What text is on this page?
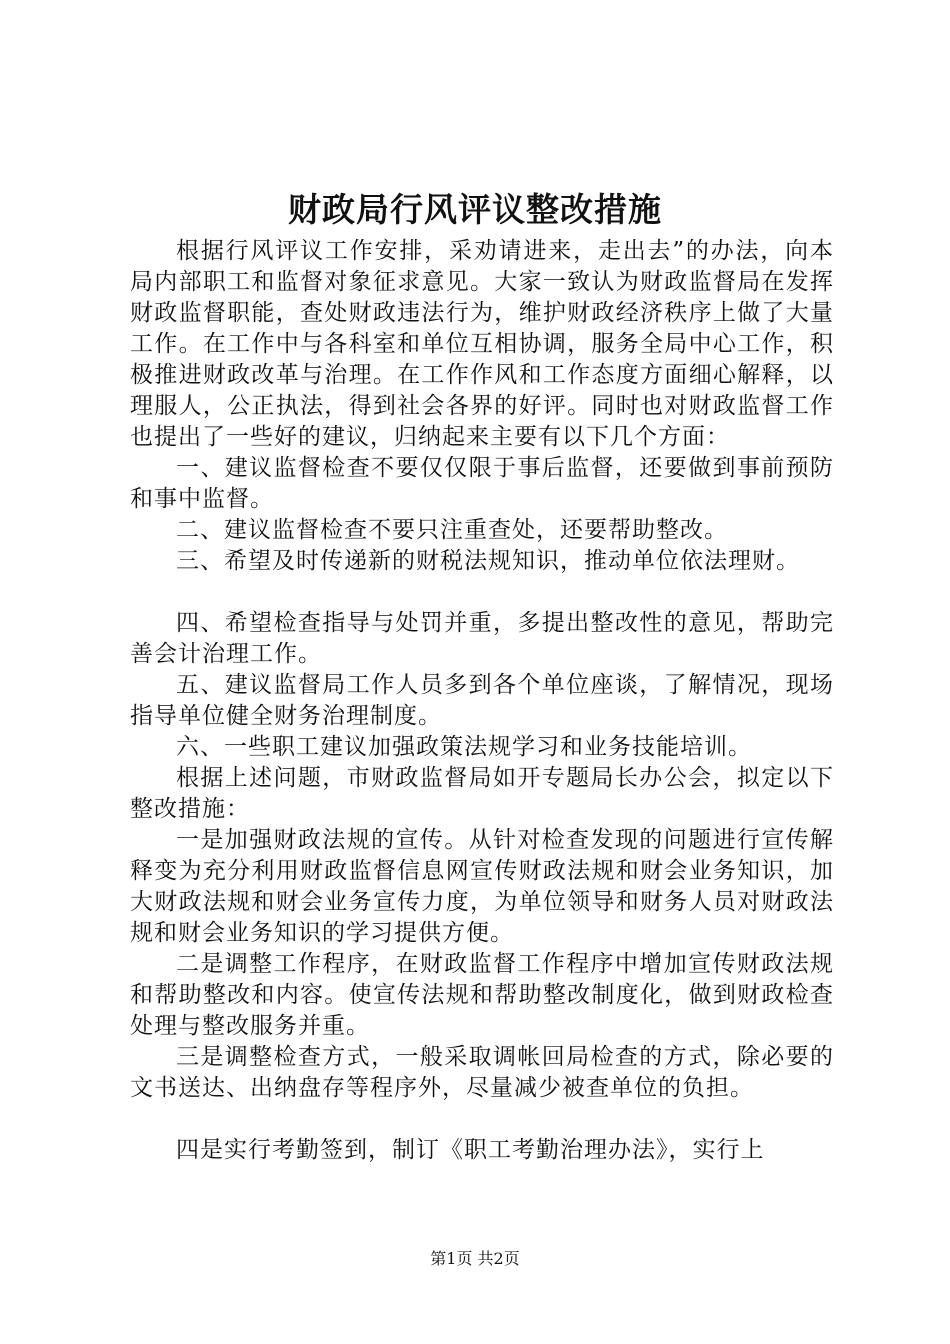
财政局行风评议整改措施

根据行风评议工作安排，采劝请进来，走出去”的办法，向本局内部职工和监督对象征求意见。大家一致认为财政监督局在发挥财政监督职能，查处财政违法行为，维护财政经济秩序上做了大量工作。在工作中与各科室和单位互相协调，服务全局中心工作，积极推进财政改革与治理。在工作作风和工作态度方面细心解释，以理服人，公正执法，得到社会各界的好评。同时也对财政监督工作也提出了一些好的建议，归纳起来主要有以下几个方面：

一、建议监督检查不要仅仅限于事后监督，还要做到事前预防和事中监督。

二、建议监督检查不要只注重查处，还要帮助整改。

三、希望及时传递新的财税法规知识，推动单位依法理财。

四、希望检查指导与处罚并重，多提出整改性的意见，帮助完善会计治理工作。

五、建议监督局工作人员多到各个单位座谈，了解情况，现场指导单位健全财务治理制度。

六、一些职工建议加强政策法规学习和业务技能培训。

根据上述问题，市财政监督局如开专题局长办公会，拟定以下整改措施：

一是加强财政法规的宣传。从针对检查发现的问题进行宣传解释变为充分利用财政监督信息网宣传财政法规和财会业务知识，加大财政法规和财会业务宣传力度，为单位领导和财务人员对财政法规和财会业务知识的学习提供方便。

二是调整工作程序，在财政监督工作程序中增加宣传财政法规和帮助整改和内容。使宣传法规和帮助整改制度化，做到财政检查处理与整改服务并重。

三是调整检查方式，一般采取调帐回局检查的方式，除必要的文书送达、出纳盘存等程序外，尽量减少被查单位的负担。

四是实行考勤签到，制订《职工考勤治理办法》，实行上

第1页 共2页
